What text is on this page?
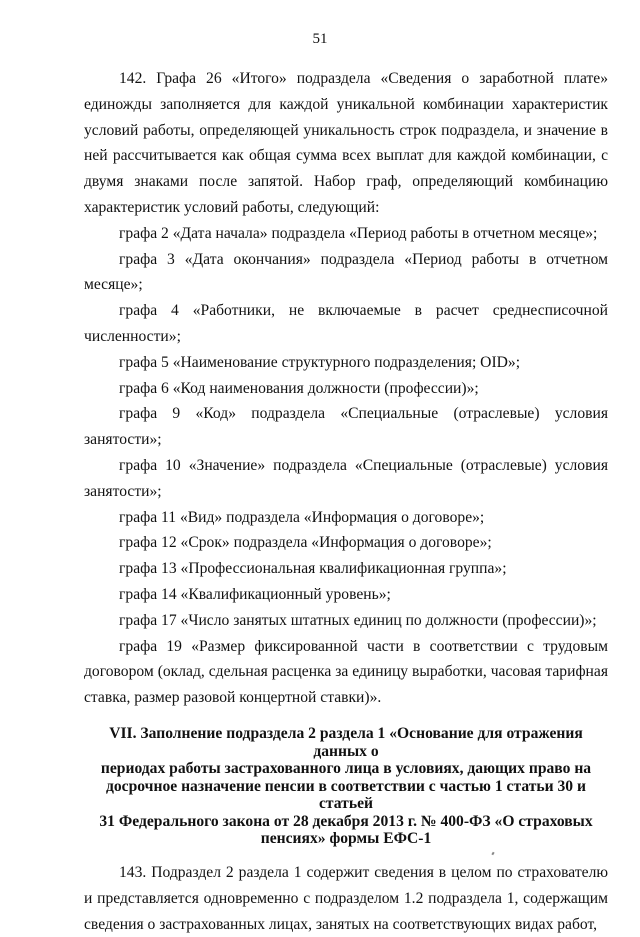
51

142. Графа 26 «Итого» подраздела «Сведения о заработной плате» единожды заполняется для каждой уникальной комбинации характеристик условий работы, определяющей уникальность строк подраздела, и значение в ней рассчитывается как общая сумма всех выплат для каждой комбинации, с двумя знаками после запятой. Набор граф, определяющий комбинацию характеристик условий работы, следующий:

графа 2 «Дата начала» подраздела «Период работы в отчетном месяце»;

графа 3 «Дата окончания» подраздела «Период работы в отчетном месяце»;

графа 4 «Работники, не включаемые в расчет среднесписочной численности»;

графа 5 «Наименование структурного подразделения; OID»;

графа 6 «Код наименования должности (профессии)»;

графа 9 «Код» подраздела «Специальные (отраслевые) условия занятости»;

графа 10 «Значение» подраздела «Специальные (отраслевые) условия занятости»;

графа 11 «Вид» подраздела «Информация о договоре»;

графа 12 «Срок» подраздела «Информация о договоре»;

графа 13 «Профессиональная квалификационная группа»;

графа 14 «Квалификационный уровень»;

графа 17 «Число занятых штатных единиц по должности (профессии)»;

графа 19 «Размер фиксированной части в соответствии с трудовым договором (оклад, сдельная расценка за единицу выработки, часовая тарифная ставка, размер разовой концертной ставки)».

VII. Заполнение подраздела 2 раздела 1 «Основание для отражения данных о
периодах работы застрахованного лица в условиях, дающих право на
досрочное назначение пенсии в соответствии с частью 1 статьи 30 и статьей
31 Федерального закона от 28 декабря 2013 г. № 400-ФЗ «О страховых
пенсиях» формы ЕФС-1

143. Подраздел 2 раздела 1 содержит сведения в целом по страхователю и представляется одновременно с подразделом 1.2 подраздела 1, содержащим сведения о застрахованных лицах, занятых на соответствующих видах работ,
